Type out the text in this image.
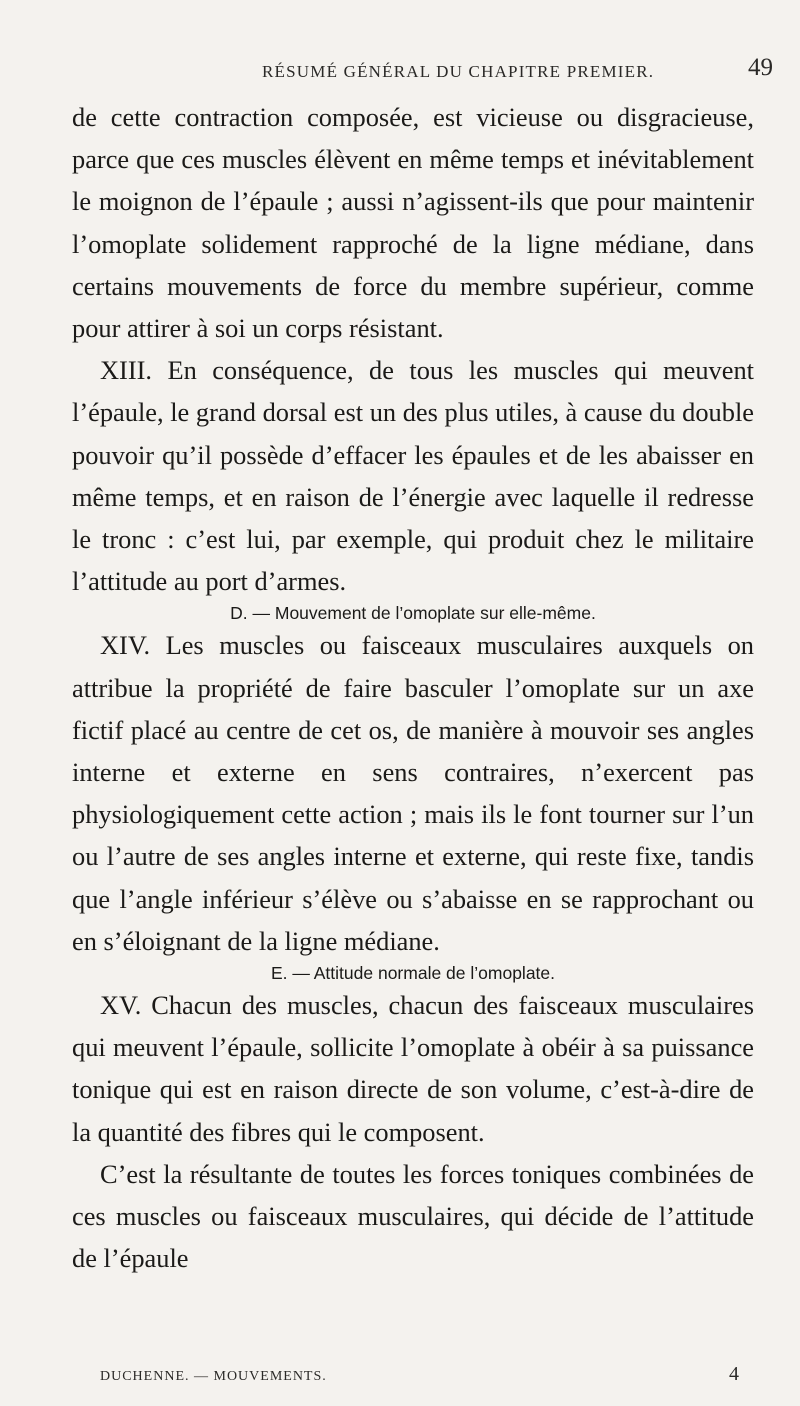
RÉSUMÉ GÉNÉRAL DU CHAPITRE PREMIER.	49

de cette contraction composée, est vicieuse ou disgracieuse, parce que ces muscles élèvent en même temps et inévitablement le moignon de l’épaule ; aussi n’agissent-ils que pour maintenir l’omoplate solidement rapproché de la ligne médiane, dans certains mouvements de force du membre supérieur, comme pour attirer à soi un corps résistant.

XIII. En conséquence, de tous les muscles qui meuvent l’épaule, le grand dorsal est un des plus utiles, à cause du double pouvoir qu’il possède d’effacer les épaules et de les abaisser en même temps, et en raison de l’énergie avec laquelle il redresse le tronc : c’est lui, par exemple, qui produit chez le militaire l’attitude au port d’armes.

D. — Mouvement de l’omoplate sur elle-même.

XIV. Les muscles ou faisceaux musculaires auxquels on attribue la propriété de faire basculer l’omoplate sur un axe fictif placé au centre de cet os, de manière à mouvoir ses angles interne et externe en sens contraires, n’exercent pas physiologiquement cette action ; mais ils le font tourner sur l’un ou l’autre de ses angles interne et externe, qui reste fixe, tandis que l’angle inférieur s’élève ou s’abaisse en se rapprochant ou en s’éloignant de la ligne médiane.

E. — Attitude normale de l’omoplate.

XV. Chacun des muscles, chacun des faisceaux musculaires qui meuvent l’épaule, sollicite l’omoplate à obéir à sa puissance tonique qui est en raison directe de son volume, c’est-à-dire de la quantité des fibres qui le composent.

C’est la résultante de toutes les forces toniques combinées de ces muscles ou faisceaux musculaires, qui décide de l’attitude de l’épaule

DUCHENNE. — MOUVEMENTS.	4
